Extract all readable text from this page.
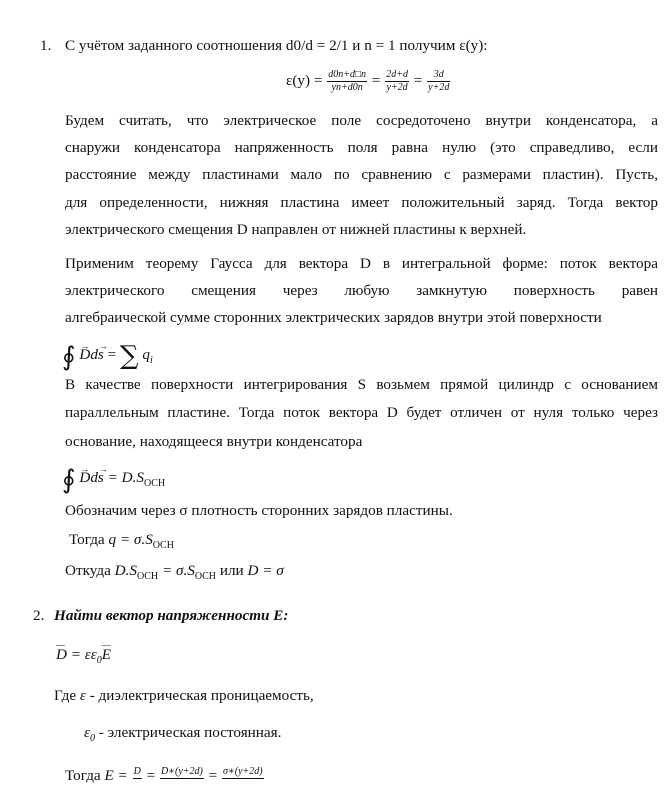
1. С учётом заданного соотношения d0/d = 2/1 и n = 1 получим ε(y):
$\varepsilon(y) = \frac{d0n+d□n}{yn+d0n} = \frac{2d+d}{y+2d} = \frac{3d}{y+2d}$
Будем считать, что электрическое поле сосредоточено внутри конденсатора, а
снаружи конденсатора напряженность поля равна нулю (это справедливо, если
расстояние между пластинами мало по сравнению с размерами пластин). Пусть,
для определенности, нижняя пластина имеет положительный заряд. Тогда вектор
электрического смещения D направлен от нижней пластины к верхней.
Применим теорему Гаусса для вектора D в интегральной форме: поток вектора
электрического смещения через любую замкнутую поверхность равен
алгебраической сумме сторонних электрических зарядов внутри этой поверхности
∮ → Dd→ s = ∑ $q_i$
В качестве поверхности интегрирования S возьмем прямой цилиндр с основанием
параллельным пластине. Тогда поток вектора D будет отличен от нуля только через
основание, находящееся внутри конденсатора
∮ → $Dd\to s = D.S_{OCH}$
Обозначим через σ плотность сторонних зарядов пластины.
Тогда $q = \sigma.S_{OCH}$
Откуда $D.S_{OCH} = \sigma.S_{OCH}$ или D = σ
2. Найти вектор напряженности E:
— $D = \varepsilon\varepsilon_0—$ E
Где ε - диэлектрическая проницаемость,
$\varepsilon_0$ - электрическая постоянная.
Тогда E = D = D∗(y+2d) = σ∗(y+2d)
